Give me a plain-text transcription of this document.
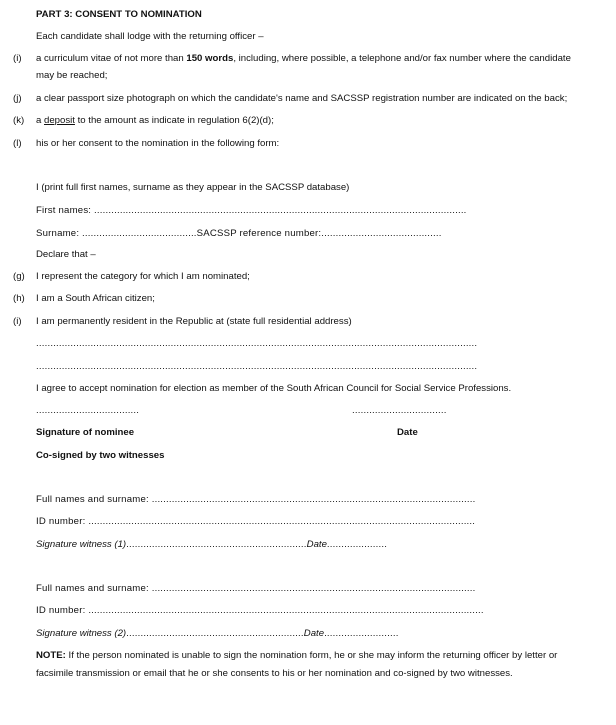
PART 3: CONSENT TO NOMINATION
Each candidate shall lodge with the returning officer –
(i) a curriculum vitae of not more than 150 words, including, where possible, a telephone and/or fax number where the candidate
may be reached;
(j) a clear passport size photograph on which the candidate's name and SACSSP registration number are indicated on the back;
(k) a deposit to the amount as indicate in regulation 6(2)(d);
(l) his or her consent to the nomination in the following form:
I (print full first names, surname as they appear in the SACSSP database)
First names: ..................................................................................................................................
Surname: ........................................SACSSP reference number:..........................................
Declare that –
(g) I represent the category for which I am nominated;
(h) I am a South African citizen;
(i) I am permanently resident in the Republic at (state full residential address)
..........................................................................................................................................................
..........................................................................................................................................................
I agree to accept nomination for election as member of the South African Council for Social Service Professions.
....................................	.................................
Signature of nominee	Date
Co-signed by two witnesses
Full names and surname: .................................................................................................................
ID number: .......................................................................................................................................
Signature witness (1)...............................................................Date.....................
Full names and surname: .................................................................................................................
ID number: ..........................................................................................................................................
Signature witness (2)..............................................................Date..........................
NOTE: If the person nominated is unable to sign the nomination form, he or she may inform the returning officer by letter or
facsimile transmission or email that he or she consents to his or her nomination and co-signed by two witnesses.
